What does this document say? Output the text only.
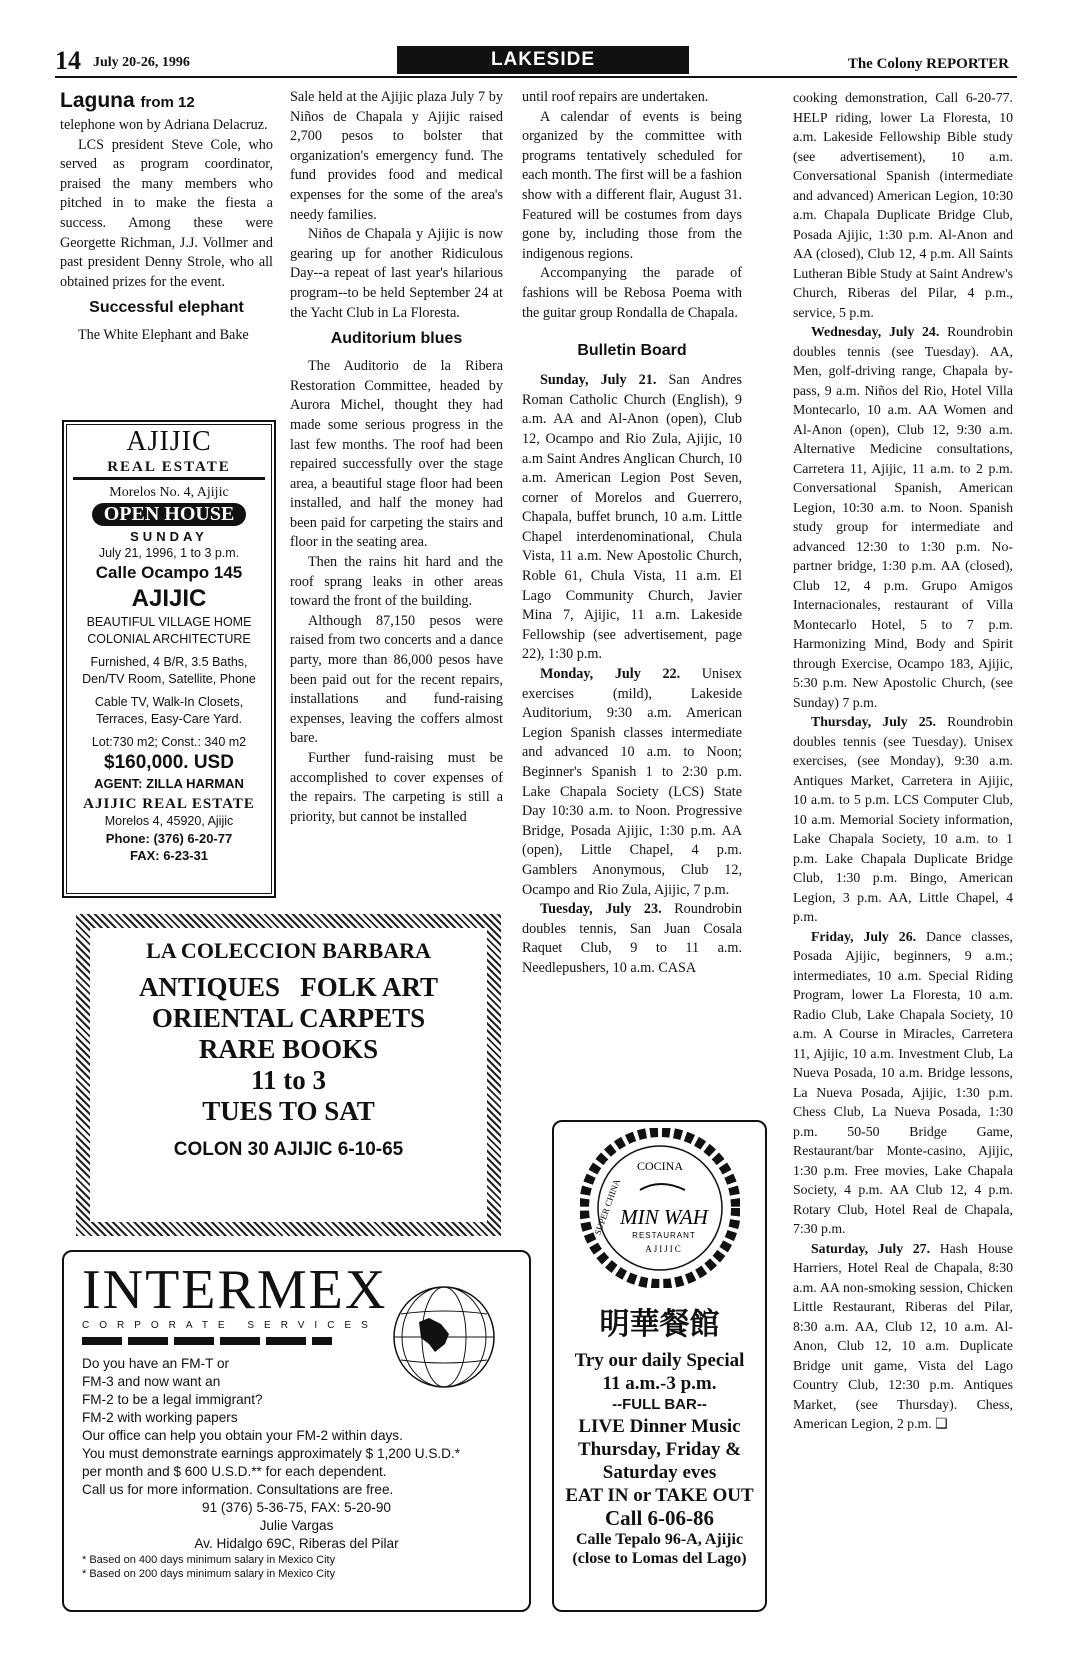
14 July 20-26, 1996	LAKESIDE	The Colony REPORTER
Laguna from 12

telephone won by Adriana Delacruz.

LCS president Steve Cole, who served as program coordinator, praised the many members who pitched in to make the fiesta a success. Among these were Georgette Richman, J.J. Vollmer and past president Denny Strole, who all obtained prizes for the event.

Successful elephant

The White Elephant and Bake

Sale held at the Ajijic plaza July 7 by Niños de Chapala y Ajijic raised 2,700 pesos to bolster that organization's emergency fund. The fund provides food and medical expenses for the some of the area's needy families.

Niños de Chapala y Ajijic is now gearing up for another Ridiculous Day--a repeat of last year's hilarious program--to be held September 24 at the Yacht Club in La Floresta.

Auditorium blues

The Auditorio de la Ribera Restoration Committee, headed by Aurora Michel, thought they had made some serious progress in the last few months. The roof had been repaired successfully over the stage area, a beautiful stage floor had been installed, and half the money had been paid for carpeting the stairs and floor in the seating area.

Then the rains hit hard and the roof sprang leaks in other areas toward the front of the building.

Although 87,150 pesos were raised from two concerts and a dance party, more than 86,000 pesos have been paid out for the recent repairs, installations and fund-raising expenses, leaving the coffers almost bare.

Further fund-raising must be accomplished to cover expenses of the repairs. The carpeting is still a priority, but cannot be installed

until roof repairs are undertaken.

A calendar of events is being organized by the committee with programs tentatively scheduled for each month. The first will be a fashion show with a different flair, August 31. Featured will be costumes from days gone by, including those from the indigenous regions.

Accompanying the parade of fashions will be Rebosa Poema with the guitar group Rondalla de Chapala.

Bulletin Board

Sunday, July 21. San Andres Roman Catholic Church (English), 9 a.m. AA and Al-Anon (open), Club 12, Ocampo and Rio Zula, Ajijic, 10 a.m Saint Andres Anglican Church, 10 a.m. American Legion Post Seven, corner of Morelos and Guerrero, Chapala, buffet brunch, 10 a.m. Little Chapel interdenominational, Chula Vista, 11 a.m. New Apostolic Church, Roble 61, Chula Vista, 11 a.m. El Lago Community Church, Javier Mina 7, Ajijic, 11 a.m. Lakeside Fellowship (see advertisement, page 22), 1:30 p.m.

Monday, July 22. Unisex exercises (mild), Lakeside Auditorium, 9:30 a.m. American Legion Spanish classes intermediate and advanced 10 a.m. to Noon; Beginner's Spanish 1 to 2:30 p.m. Lake Chapala Society (LCS) State Day 10:30 a.m. to Noon. Progressive Bridge, Posada Ajijic, 1:30 p.m. AA (open), Little Chapel, 4 p.m. Gamblers Anonymous, Club 12, Ocampo and Rio Zula, Ajijic, 7 p.m.

Tuesday, July 23. Roundrobin doubles tennis, San Juan Cosala Raquet Club, 9 to 11 a.m. Needlepushers, 10 a.m. CASA

cooking demonstration, Call 6-20-77. HELP riding, lower La Floresta, 10 a.m. Lakeside Fellowship Bible study (see advertisement), 10 a.m. Conversational Spanish (intermediate and advanced) American Legion, 10:30 a.m. Chapala Duplicate Bridge Club, Posada Ajijic, 1:30 p.m. Al-Anon and AA (closed), Club 12, 4 p.m. All Saints Lutheran Bible Study at Saint Andrew's Church, Riberas del Pilar, 4 p.m., service, 5 p.m.

Wednesday, July 24. Roundrobin doubles tennis (see Tuesday). AA, Men, golf-driving range, Chapala by-pass, 9 a.m. Niños del Rio, Hotel Villa Montecarlo, 10 a.m. AA Women and Al-Anon (open), Club 12, 9:30 a.m. Alternative Medicine consultations, Carretera 11, Ajijic, 11 a.m. to 2 p.m. Conversational Spanish, American Legion, 10:30 a.m. to Noon. Spanish study group for intermediate and advanced 12:30 to 1:30 p.m. No-partner bridge, 1:30 p.m. AA (closed), Club 12, 4 p.m. Grupo Amigos Internacionales, restaurant of Villa Montecarlo Hotel, 5 to 7 p.m. Harmonizing Mind, Body and Spirit through Exercise, Ocampo 183, Ajijic, 5:30 p.m. New Apostolic Church, (see Sunday) 7 p.m.

Thursday, July 25. Roundrobin doubles tennis (see Tuesday). Unisex exercises, (see Monday), 9:30 a.m. Antiques Market, Carretera in Ajijic, 10 a.m. to 5 p.m. LCS Computer Club, 10 a.m. Memorial Society information, Lake Chapala Society, 10 a.m. to 1 p.m. Lake Chapala Duplicate Bridge Club, 1:30 p.m. Bingo, American Legion, 3 p.m. AA, Little Chapel, 4 p.m.

Friday, July 26. Dance classes, Posada Ajijic, beginners, 9 a.m.; intermediates, 10 a.m. Special Riding Program, lower La Floresta, 10 a.m. Radio Club, Lake Chapala Society, 10 a.m. A Course in Miracles, Carretera 11, Ajijic, 10 a.m. Investment Club, La Nueva Posada, 10 a.m. Bridge lessons, La Nueva Posada, Ajijic, 1:30 p.m. Chess Club, La Nueva Posada, 1:30 p.m. 50-50 Bridge Game, Restaurant/bar Monte-casino, Ajijic, 1:30 p.m. Free movies, Lake Chapala Society, 4 p.m. AA Club 12, 4 p.m. Rotary Club, Hotel Real de Chapala, 7:30 p.m.

Saturday, July 27. Hash House Harriers, Hotel Real de Chapala, 8:30 a.m. AA non-smoking session, Chicken Little Restaurant, Riberas del Pilar, 8:30 a.m. AA, Club 12, 10 a.m. Al-Anon, Club 12, 10 a.m. Duplicate Bridge unit game, Vista del Lago Country Club, 12:30 p.m. Antiques Market, (see Thursday). Chess, American Legion, 2 p.m. ❏

AJIJIC
REAL ESTATE
Morelos No. 4, Ajijic
OPEN HOUSE
SUNDAY
July 21, 1996, 1 to 3 p.m.
Calle Ocampo 145
AJIJIC
BEAUTIFUL VILLAGE HOME
COLONIAL ARCHITECTURE
Furnished, 4 B/R, 3.5 Baths,
Den/TV Room, Satellite, Phone
Cable TV, Walk-In Closets,
Terraces, Easy-Care Yard.
Lot:730 m2; Const.: 340 m2
$160,000. USD
AGENT: ZILLA HARMAN
AJIJIC REAL ESTATE
Morelos 4, 45920, Ajijic
Phone: (376) 6-20-77
FAX: 6-23-31
LA COLECCION BARBARA
ANTIQUES FOLK ART
ORIENTAL CARPETS
RARE BOOKS
11 to 3
TUES TO SAT
COLON 30 AJIJIC 6-10-65
INTERMEX
CORPORATE SERVICES
Do you have an FM-T or
FM-3 and now want an
FM-2 to be a legal immigrant?
FM-2 with working papers
Our office can help you obtain your FM-2 within days.
You must demonstrate earnings approximately $ 1,200 U.S.D.*
per month and $ 600 U.S.D.** for each dependent.
Call us for more information. Consultations are free.
91 (376) 5-36-75, FAX: 5-20-90
Julie Vargas
Av. Hidalgo 69C, Riberas del Pilar
* Based on 400 days minimum salary in Mexico City
* Based on 200 days minimum salary in Mexico City
COCINA
SUPER CHINA
MIN WAH
RESTAURANT
AJIJIC
明華餐館
Try our daily Special
11 a.m.-3 p.m.
--FULL BAR--
LIVE Dinner Music
Thursday, Friday &
Saturday eves
EAT IN or TAKE OUT
Call 6-06-86
Calle Tepalo 96-A, Ajijic
(close to Lomas del Lago)
